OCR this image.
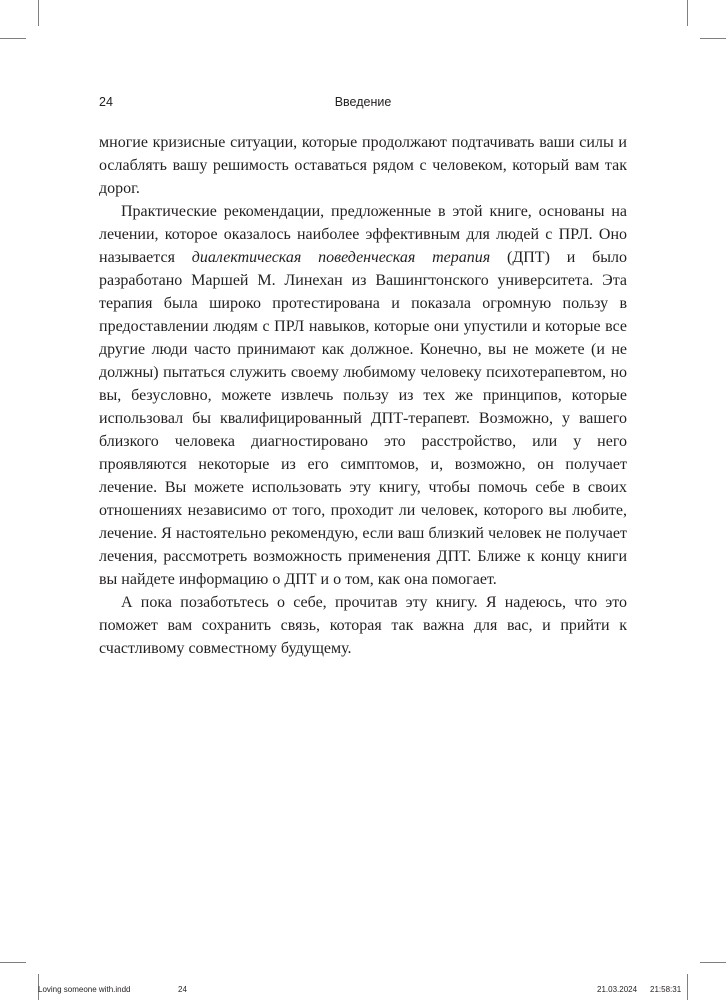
24	Введение

многие кризисные ситуации, которые продолжают подтачивать ваши силы и ослаблять вашу решимость оставаться рядом с человеком, который вам так дорог.

Практические рекомендации, предложенные в этой книге, основаны на лечении, которое оказалось наиболее эффективным для людей с ПРЛ. Оно называется диалектическая поведенческая терапия (ДПТ) и было разработано Маршей М. Линехан из Вашингтонского университета. Эта терапия была широко протестирована и показала огромную пользу в предоставлении людям с ПРЛ навыков, которые они упустили и которые все другие люди часто принимают как должное. Конечно, вы не можете (и не должны) пытаться служить своему любимому человеку психотерапевтом, но вы, безусловно, можете извлечь пользу из тех же принципов, которые использовал бы квалифицированный ДПТ-терапевт. Возможно, у вашего близкого человека диагностировано это расстройство, или у него проявляются некоторые из его симптомов, и, возможно, он получает лечение. Вы можете использовать эту книгу, чтобы помочь себе в своих отношениях независимо от того, проходит ли человек, которого вы любите, лечение. Я настоятельно рекомендую, если ваш близкий человек не получает лечения, рассмотреть возможность применения ДПТ. Ближе к концу книги вы найдете информацию о ДПТ и о том, как она помогает.

А пока позаботьтесь о себе, прочитав эту книгу. Я надеюсь, что это поможет вам сохранить связь, которая так важна для вас, и прийти к счастливому совместному будущему.

Loving someone with.indd	24	21.03.2024 21:58:31
